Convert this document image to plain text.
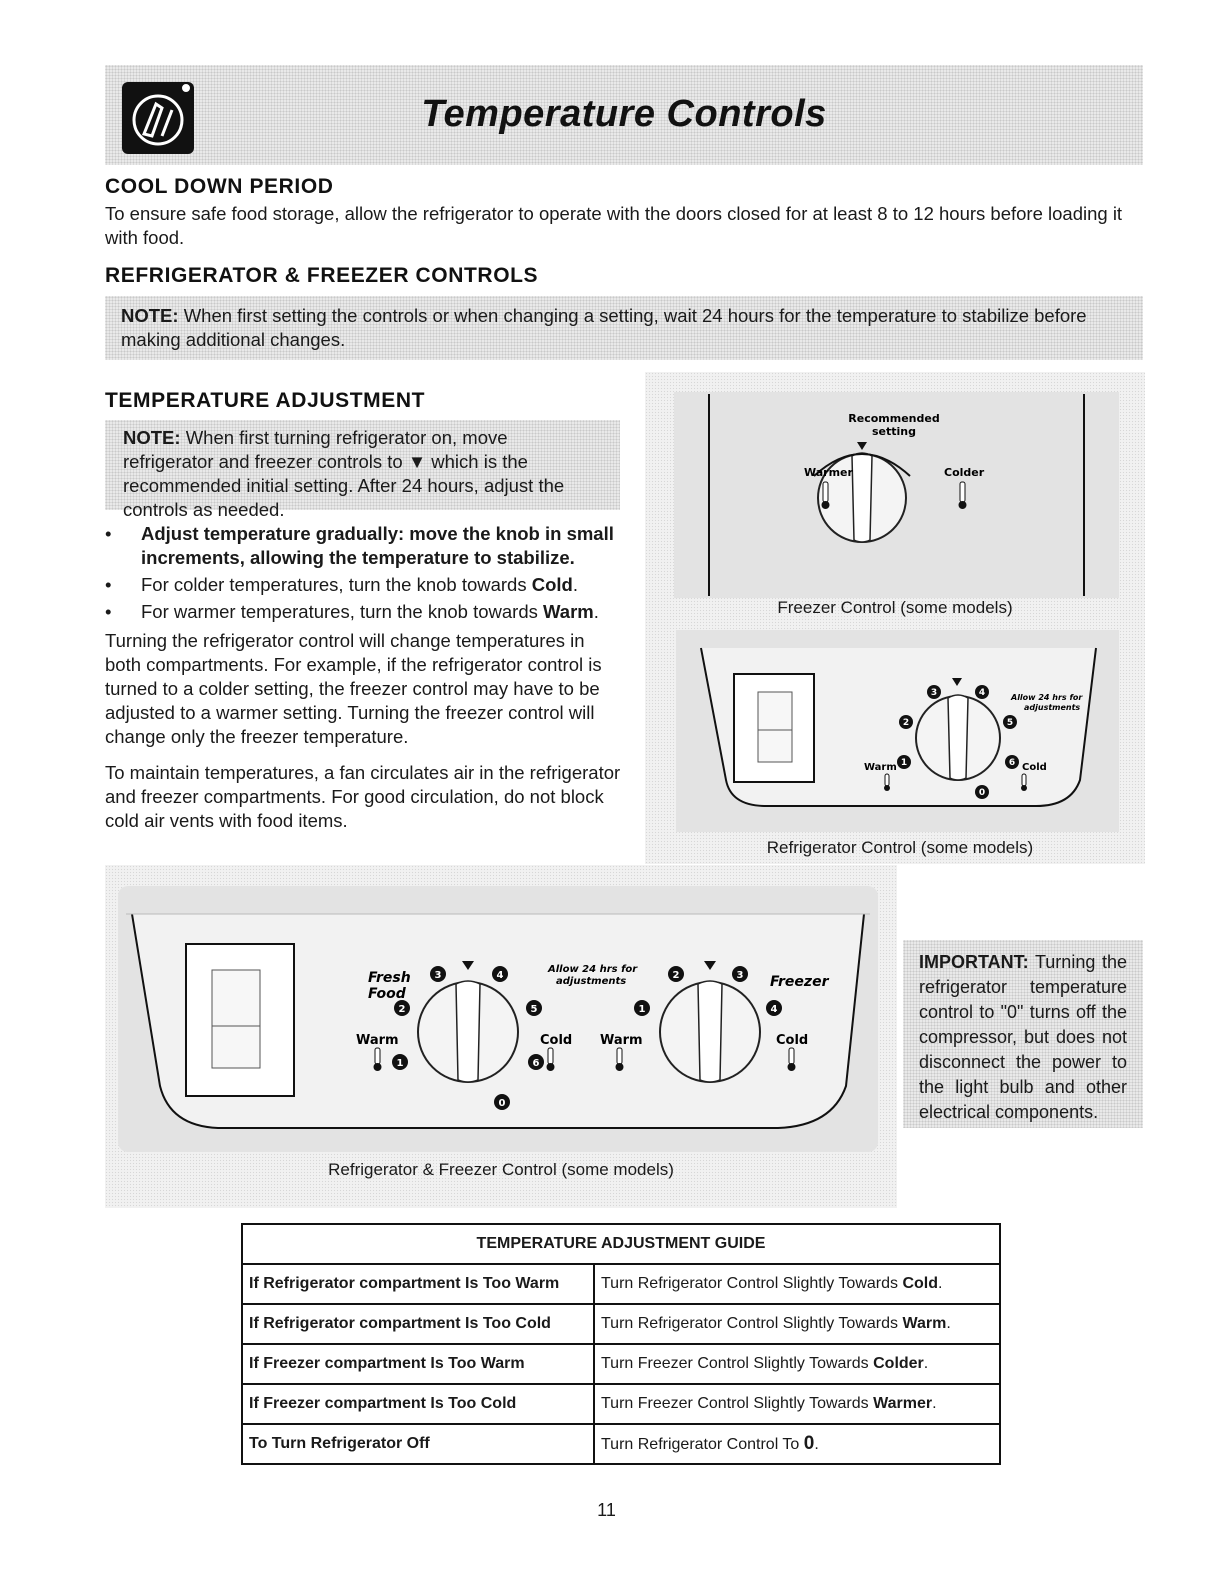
Temperature Controls
COOL DOWN PERIOD

To ensure safe food storage, allow the refrigerator to operate with the doors closed for at least 8 to 12 hours before loading it with food.

REFRIGERATOR & FREEZER CONTROLS
NOTE: When first setting the controls or when changing a setting, wait 24 hours for the temperature to stabilize before making additional changes.
TEMPERATURE ADJUSTMENT
NOTE: When first turning refrigerator on, move refrigerator and freezer controls to ▼ which is the recommended initial setting. After 24 hours, adjust the controls as needed.
• Adjust temperature gradually: move the knob in small increments, allowing the temperature to stabilize.
• For colder temperatures, turn the knob towards Cold.
• For warmer temperatures, turn the knob towards Warm.

Turning the refrigerator control will change temperatures in both compartments. For example, if the refrigerator control is turned to a colder setting, the freezer control may have to be adjusted to a warmer setting. Turning the freezer control will change only the freezer temperature.

To maintain temperatures, a fan circulates air in the refrigerator and freezer compartments. For good circulation, do not block cold air vents with food items.

Recommended
setting
Warmer	Colder
Freezer Control (some models)
3	4
2	5
1	6
0
Warm	Cold
Allow 24 hrs for
adjustments
Refrigerator Control (some models)
3	4
2	5
1	6
0
2	3
1	4
Fresh
Food
Freezer
Warm	Cold Warm	Cold
Allow 24 hrs for
adjustments
Refrigerator & Freezer Control (some models)
IMPORTANT: Turning the refrigerator temperature control to "0" turns off the compressor, but does not disconnect the power to the light bulb and other electrical components.
TEMPERATURE ADJUSTMENT GUIDE	
If Refrigerator compartment Is Too Warm	Turn Refrigerator Control Slightly Towards Cold.
If Refrigerator compartment Is Too Cold	Turn Refrigerator Control Slightly Towards Warm.
If Freezer compartment Is Too Warm	Turn Freezer Control Slightly Towards Colder.
If Freezer compartment Is Too Cold	Turn Freezer Control Slightly Towards Warmer.
To Turn Refrigerator Off	Turn Refrigerator Control To 0.
11
